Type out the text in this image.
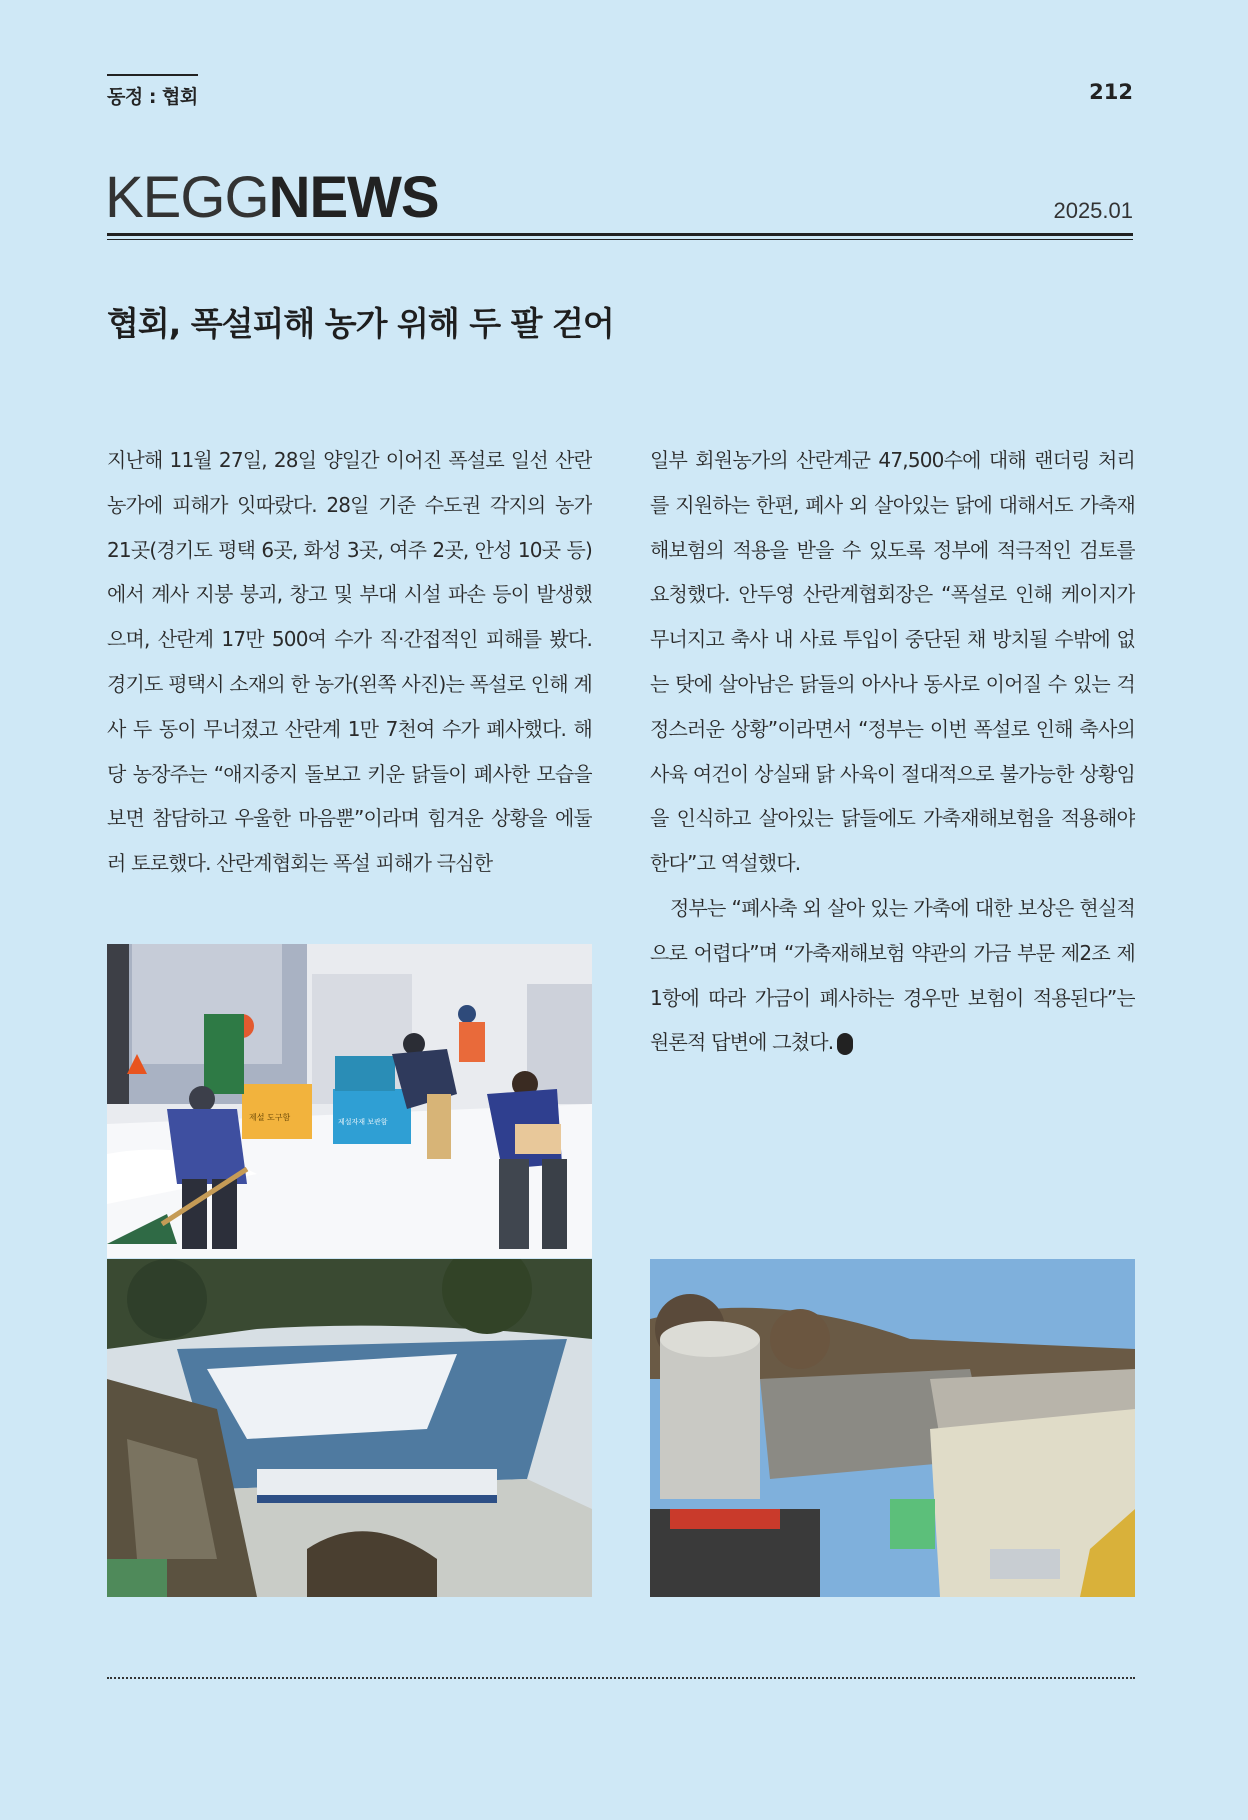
동정 : 협회	212
KEGGNEWS	2025.01
협회, 폭설피해 농가 위해 두 팔 걷어

지난해 11월 27일, 28일 양일간 이어진 폭설로 일선 산란농가에 피해가 잇따랐다. 28일 기준 수도권 각지의 농가 21곳(경기도 평택 6곳, 화성 3곳, 여주 2곳, 안성 10곳 등)에서 계사 지붕 붕괴, 창고 및 부대 시설 파손 등이 발생했으며, 산란계 17만 500여 수가 직·간접적인 피해를 봤다. 경기도 평택시 소재의 한 농가(왼쪽 사진)는 폭설로 인해 계사 두 동이 무너졌고 산란계 1만 7천여 수가 폐사했다. 해당 농장주는 “애지중지 돌보고 키운 닭들이 폐사한 모습을 보면 참담하고 우울한 마음뿐”이라며 힘겨운 상황을 에둘러 토로했다. 산란계협회는 폭설 피해가 극심한

일부 회원농가의 산란계군 47,500수에 대해 랜더링 처리를 지원하는 한편, 폐사 외 살아있는 닭에 대해서도 가축재해보험의 적용을 받을 수 있도록 정부에 적극적인 검토를 요청했다. 안두영 산란계협회장은 “폭설로 인해 케이지가 무너지고 축사 내 사료 투입이 중단된 채 방치될 수밖에 없는 탓에 살아남은 닭들의 아사나 동사로 이어질 수 있는 걱정스러운 상황”이라면서 “정부는 이번 폭설로 인해 축사의 사육 여건이 상실돼 닭 사육이 절대적으로 불가능한 상황임을 인식하고 살아있는 닭들에도 가축재해보험을 적용해야 한다”고 역설했다.

정부는 “폐사축 외 살아 있는 가축에 대한 보상은 현실적으로 어렵다”며 “가축재해보험 약관의 가금 부문 제2조 제1항에 따라 가금이 폐사하는 경우만 보험이 적용된다”는 원론적 답변에 그쳤다.

제설 도구함	제설자재 보관함
